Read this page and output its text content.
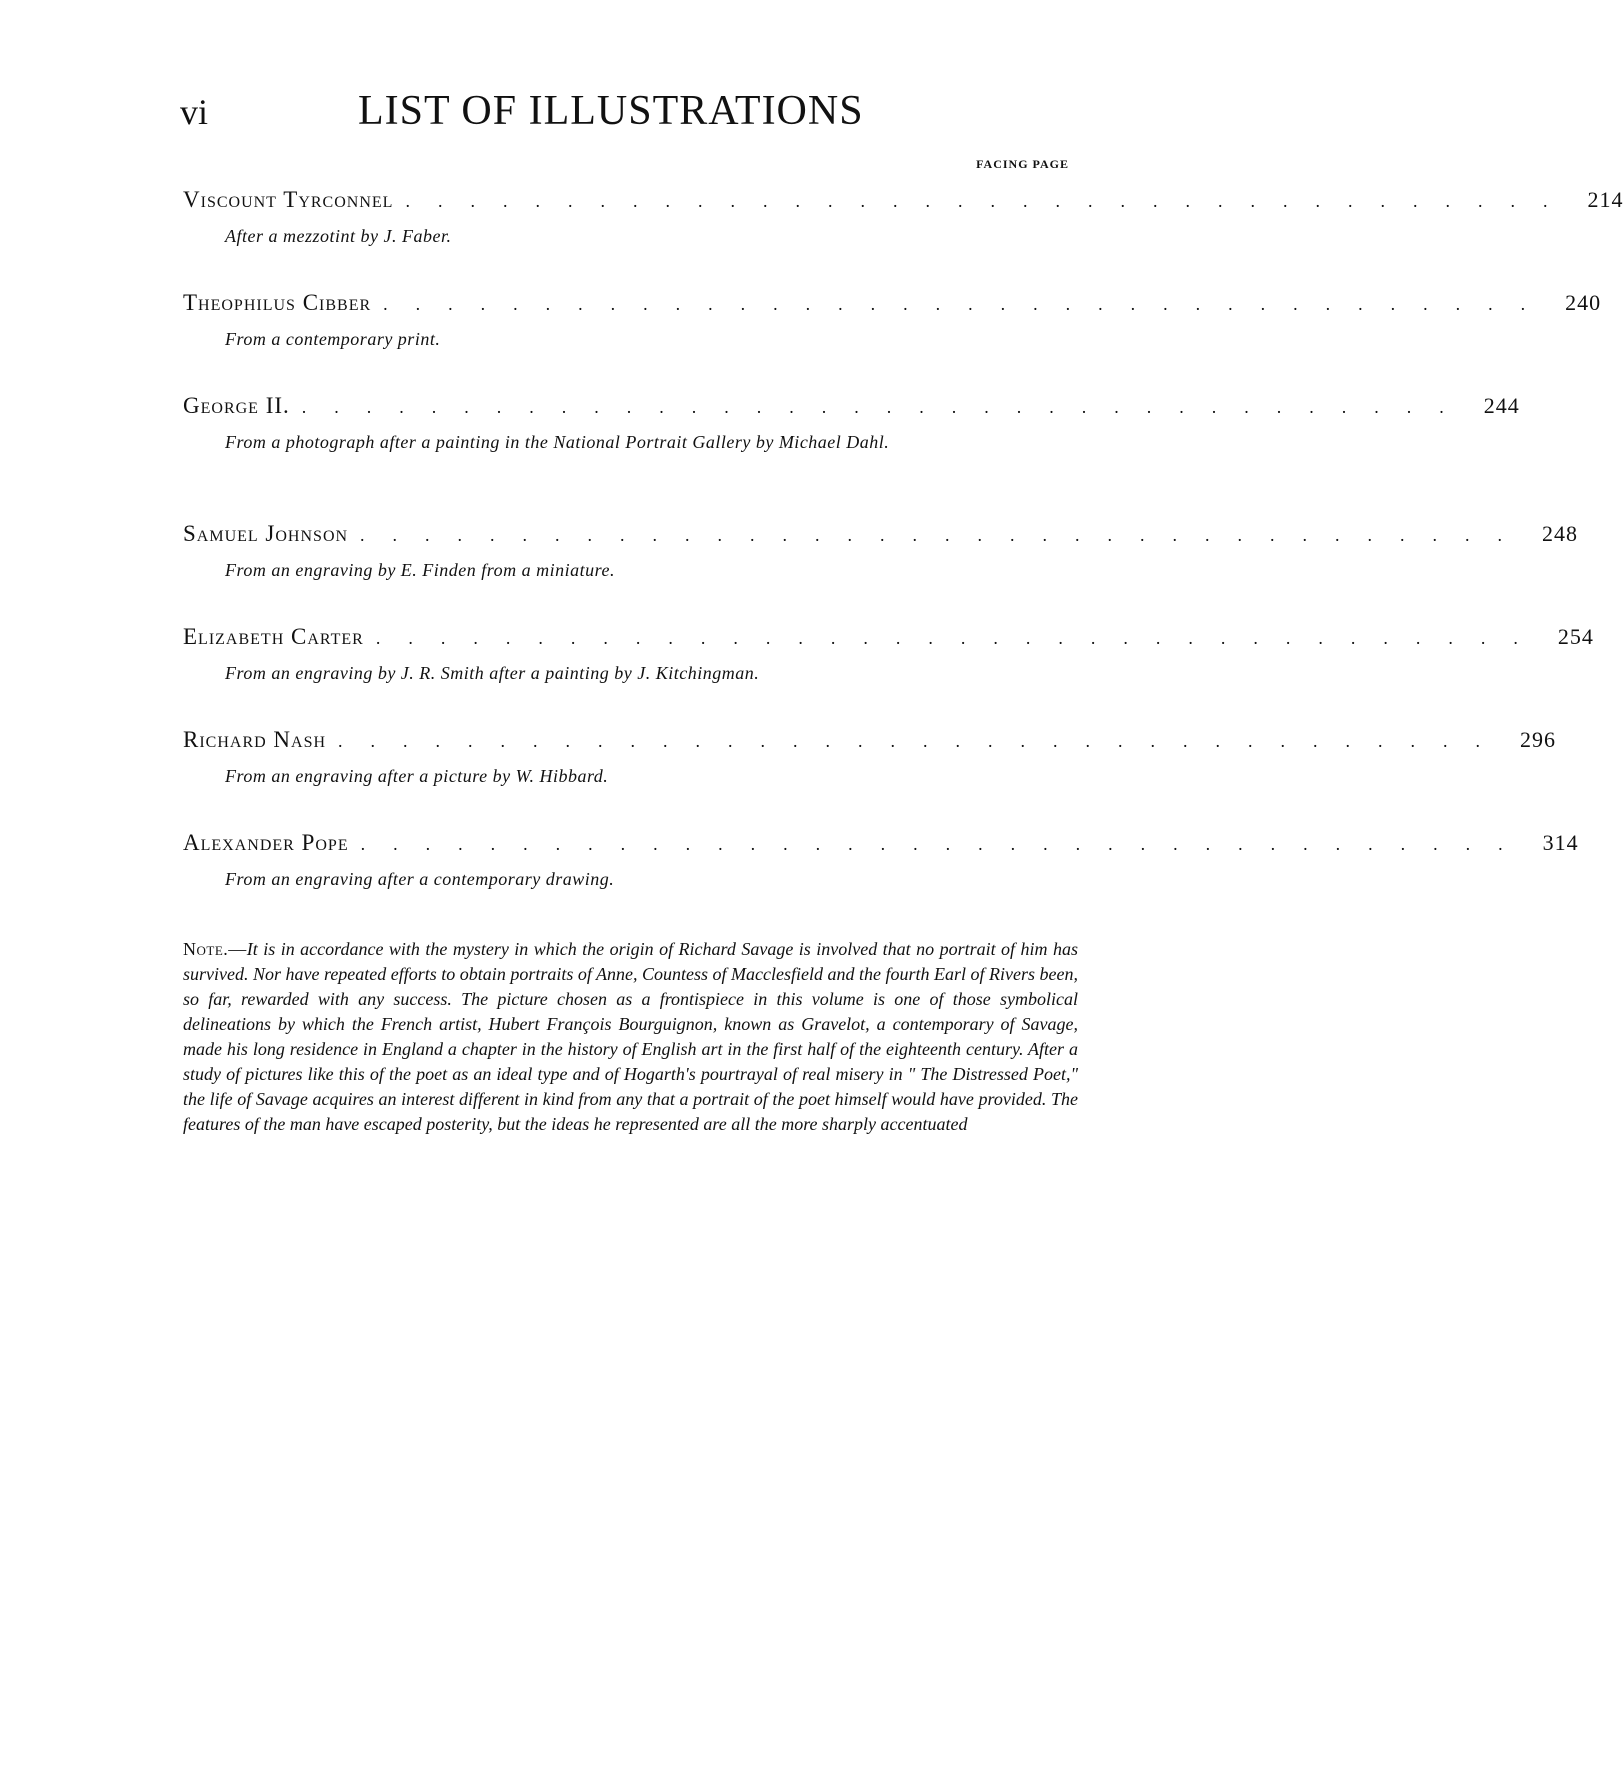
vi	LIST OF ILLUSTRATIONS
FACING PAGE
Viscount Tyrconnel .................................... 214
After a mezzotint by J. Faber.
Theophilus Cibber .................................... 240
From a contemporary print.
George II. .................................... 244
From a photograph after a painting in the National Portrait Gallery by Michael Dahl.
Samuel Johnson .................................... 248
From an engraving by E. Finden from a miniature.
Elizabeth Carter .................................... 254
From an engraving by J. R. Smith after a painting by J. Kitchingman.
Richard Nash .................................... 296
From an engraving after a picture by W. Hibbard.
Alexander Pope .................................... 314
From an engraving after a contemporary drawing.
Note.—It is in accordance with the mystery in which the origin of Richard Savage is involved that no portrait of him has survived. Nor have repeated efforts to obtain portraits of Anne, Countess of Macclesfield and the fourth Earl of Rivers been, so far, rewarded with any success. The picture chosen as a frontispiece in this volume is one of those symbolical delineations by which the French artist, Hubert François Bourguignon, known as Gravelot, a contemporary of Savage, made his long residence in England a chapter in the history of English art in the first half of the eighteenth century. After a study of pictures like this of the poet as an ideal type and of Hogarth's pourtrayal of real misery in " The Distressed Poet," the life of Savage acquires an interest different in kind from any that a portrait of the poet himself would have provided. The features of the man have escaped posterity, but the ideas he represented are all the more sharply accentuated
